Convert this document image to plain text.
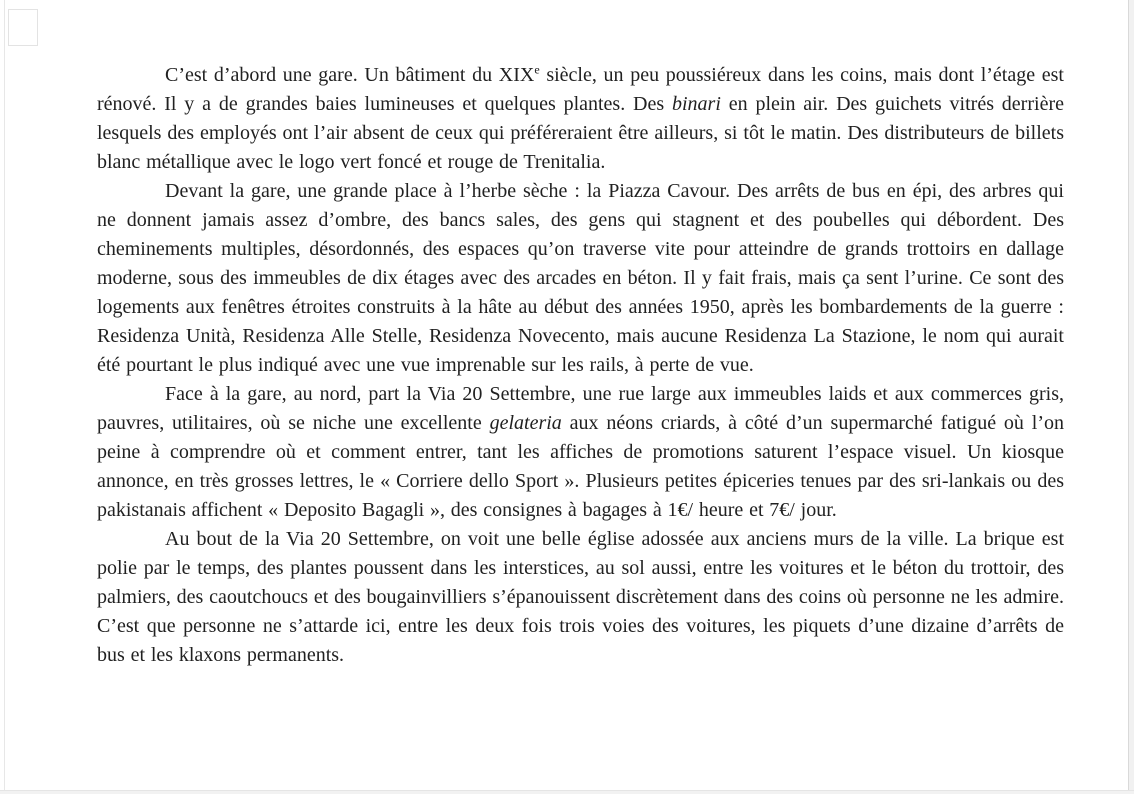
C’est d’abord une gare. Un bâtiment du XIXe siècle, un peu poussiéreux dans les coins, mais dont l’étage est rénové. Il y a de grandes baies lumineuses et quelques plantes. Des binari en plein air. Des guichets vitrés derrière lesquels des employés ont l’air absent de ceux qui préféreraient être ailleurs, si tôt le matin. Des distributeurs de billets blanc métallique avec le logo vert foncé et rouge de Trenitalia.

Devant la gare, une grande place à l’herbe sèche : la Piazza Cavour. Des arrêts de bus en épi, des arbres qui ne donnent jamais assez d’ombre, des bancs sales, des gens qui stagnent et des poubelles qui débordent. Des cheminements multiples, désordonnés, des espaces qu’on traverse vite pour atteindre de grands trottoirs en dallage moderne, sous des immeubles de dix étages avec des arcades en béton. Il y fait frais, mais ça sent l’urine. Ce sont des logements aux fenêtres étroites construits à la hâte au début des années 1950, après les bombardements de la guerre : Residenza Unità, Residenza Alle Stelle, Residenza Novecento, mais aucune Residenza La Stazione, le nom qui aurait été pourtant le plus indiqué avec une vue imprenable sur les rails, à perte de vue.

Face à la gare, au nord, part la Via 20 Settembre, une rue large aux immeubles laids et aux commerces gris, pauvres, utilitaires, où se niche une excellente gelateria aux néons criards, à côté d’un supermarché fatigué où l’on peine à comprendre où et comment entrer, tant les affiches de promotions saturent l’espace visuel. Un kiosque annonce, en très grosses lettres, le « Corriere dello Sport ». Plusieurs petites épiceries tenues par des sri-lankais ou des pakistanais affichent « Deposito Bagagli », des consignes à bagages à 1€/ heure et 7€/ jour.

Au bout de la Via 20 Settembre, on voit une belle église adossée aux anciens murs de la ville. La brique est polie par le temps, des plantes poussent dans les interstices, au sol aussi, entre les voitures et le béton du trottoir, des palmiers, des caoutchoucs et des bougainvilliers s’épanouissent discrètement dans des coins où personne ne les admire. C’est que personne ne s’attarde ici, entre les deux fois trois voies des voitures, les piquets d’une dizaine d’arrêts de bus et les klaxons permanents.
